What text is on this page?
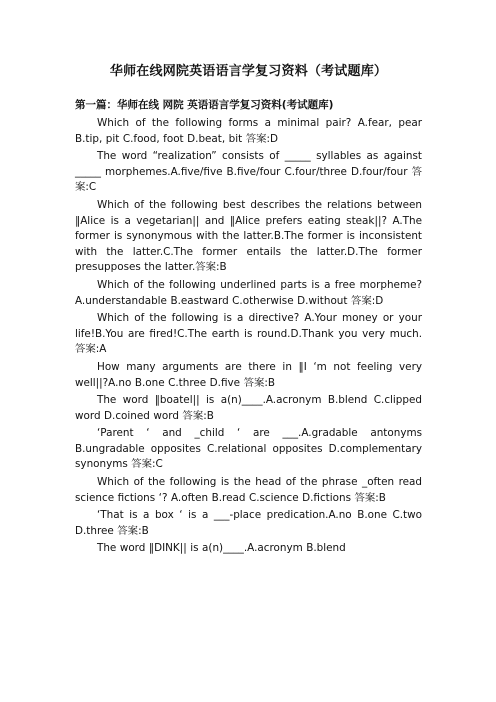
华师在线网院英语语言学复习资料（考试题库）
第一篇：华师在线 网院 英语语言学复习资料(考试题库)

Which of the following forms a minimal pair? A.fear, pear B.tip, pit C.food, foot D.beat, bit 答案:D

The word “realization” consists of _____ syllables as against _____ morphemes.A.five/five B.five/four C.four/three D.four/four 答案:C

Which of the following best describes the relations between ‖Alice is a vegetarian|| and ‖Alice prefers eating steak||? A.The former is synonymous with the latter.B.The former is inconsistent with the latter.C.The former entails the latter.D.The former presupposes the latter.答案:B

Which of the following underlined parts is a free morpheme? A.understandable B.eastward C.otherwise D.without 答案:D

Which of the following is a directive? A.Your money or your life!B.You are fired!C.The earth is round.D.Thank you very much.答案:A

How many arguments are there in ‖I ‘m not feeling very well||?A.no B.one C.three D.five 答案:B

The word ‖boatel|| is a(n)____.A.acronym B.blend C.clipped word D.coined word 答案:B

‘Parent ‘ and _child ‘ are ___.A.gradable antonyms B.ungradable opposites C.relational opposites D.complementary synonyms 答案:C

Which of the following is the head of the phrase _often read science fictions ‘? A.often B.read C.science D.fictions 答案:B

‘That is a box ‘ is a ___-place predication.A.no B.one C.two D.three 答案:B

The word ‖DINK|| is a(n)____.A.acronym B.blend
